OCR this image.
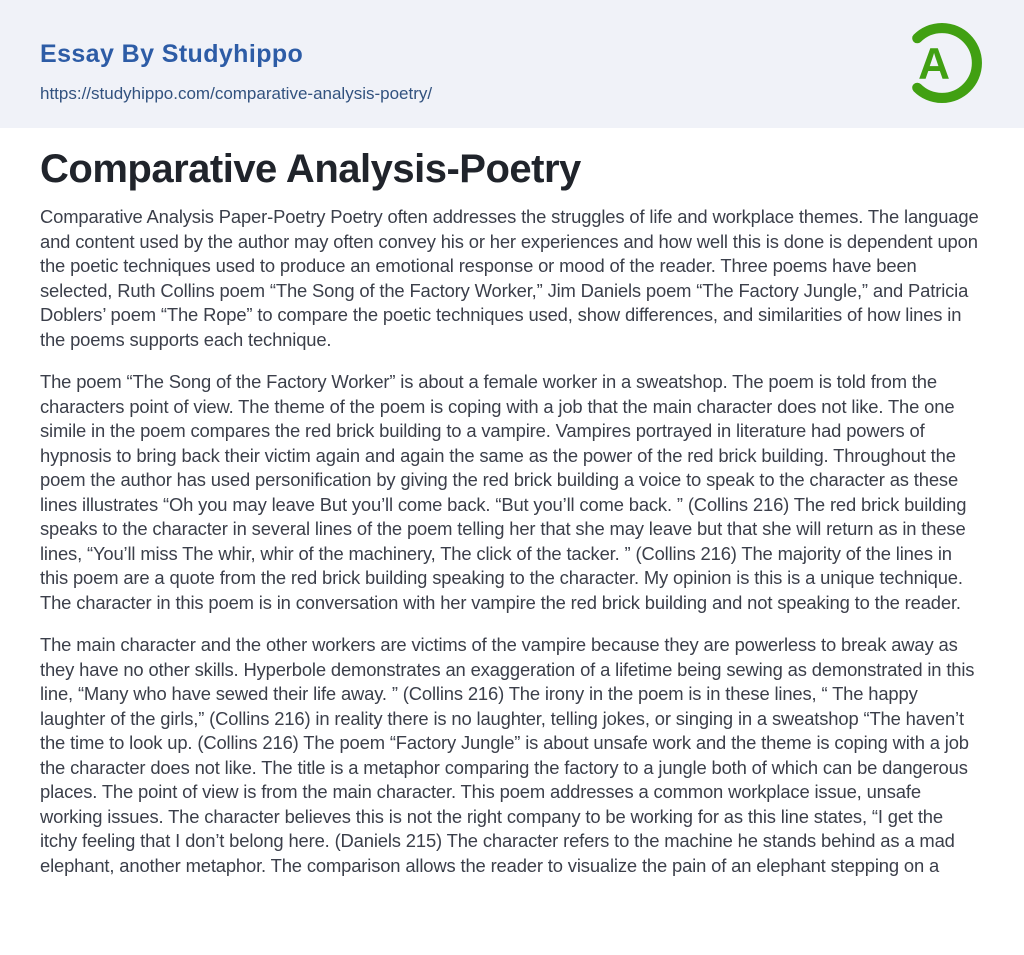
Essay By Studyhippo
https://studyhippo.com/comparative-analysis-poetry/
A
Comparative Analysis-Poetry

Comparative Analysis Paper-Poetry Poetry often addresses the struggles of life and workplace themes. The language and content used by the author may often convey his or her experiences and how well this is done is dependent upon the poetic techniques used to produce an emotional response or mood of the reader. Three poems have been selected, Ruth Collins poem “The Song of the Factory Worker,” Jim Daniels poem “The Factory Jungle,” and Patricia Doblers’ poem “The Rope” to compare the poetic techniques used, show differences, and similarities of how lines in the poems supports each technique.

The poem “The Song of the Factory Worker” is about a female worker in a sweatshop. The poem is told from the characters point of view. The theme of the poem is coping with a job that the main character does not like. The one simile in the poem compares the red brick building to a vampire. Vampires portrayed in literature had powers of hypnosis to bring back their victim again and again the same as the power of the red brick building. Throughout the poem the author has used personification by giving the red brick building a voice to speak to the character as these lines illustrates “Oh you may leave But you’ll come back. “But you’ll come back. ” (Collins 216) The red brick building speaks to the character in several lines of the poem telling her that she may leave but that she will return as in these lines, “You’ll miss The whir, whir of the machinery, The click of the tacker. ” (Collins 216) The majority of the lines in this poem are a quote from the red brick building speaking to the character. My opinion is this is a unique technique. The character in this poem is in conversation with her vampire the red brick building and not speaking to the reader.

The main character and the other workers are victims of the vampire because they are powerless to break away as they have no other skills. Hyperbole demonstrates an exaggeration of a lifetime being sewing as demonstrated in this line, “Many who have sewed their life away. ” (Collins 216) The irony in the poem is in these lines, “ The happy laughter of the girls,” (Collins 216) in reality there is no laughter, telling jokes, or singing in a sweatshop “The haven’t the time to look up. (Collins 216) The poem “Factory Jungle” is about unsafe work and the theme is coping with a job the character does not like. The title is a metaphor comparing the factory to a jungle both of which can be dangerous places. The point of view is from the main character. This poem addresses a common workplace issue, unsafe working issues. The character believes this is not the right company to be working for as this line states, “I get the itchy feeling that I don’t belong here. (Daniels 215) The character refers to the machine he stands behind as a mad elephant, another metaphor. The comparison allows the reader to visualize the pain of an elephant stepping on a
